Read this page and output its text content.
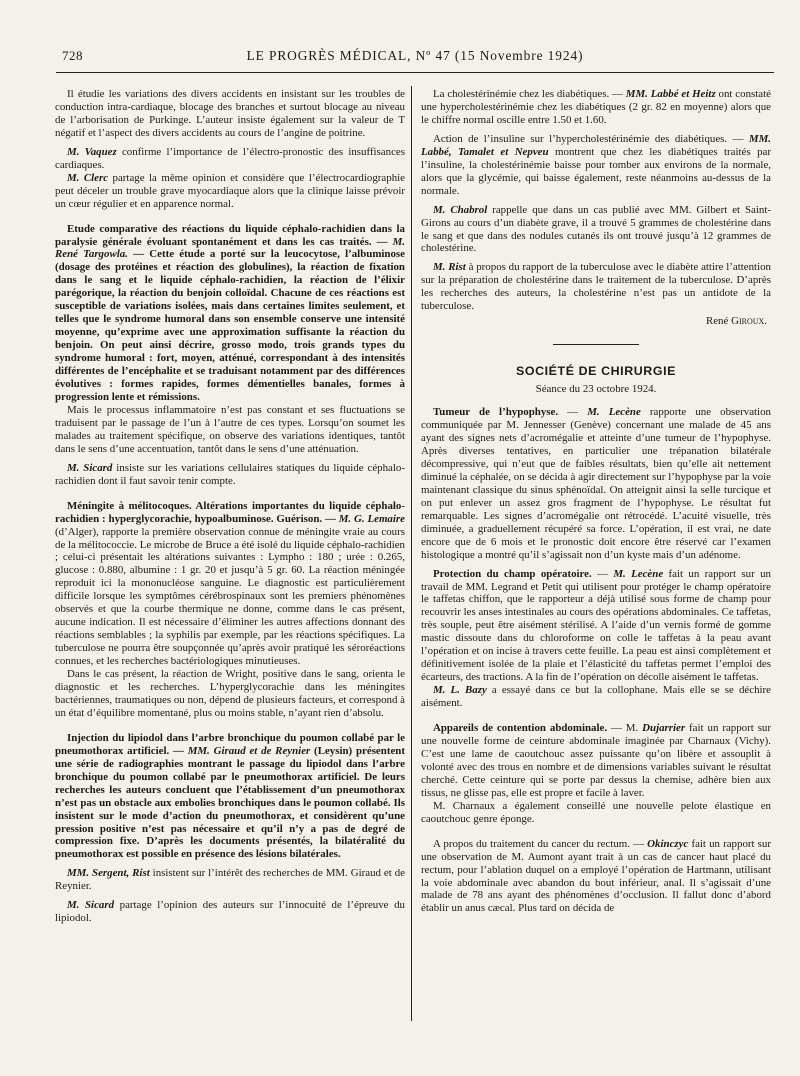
728	LE PROGRÈS MÉDICAL, Nº 47 (15 Novembre 1924)

Il étudie les variations des divers accidents en insistant sur les troubles de conduction intra-cardiaque, blocage des branches et surtout blocage au niveau de l’arborisation de Purkinge. L’auteur insiste également sur la valeur de T négatif et l’aspect des divers accidents au cours de l’angine de poitrine.

M. Vaquez confirme l’importance de l’électro-pronostic des insuffisances cardiaques.

M. Clerc partage la même opinion et considère que l’électrocardiographie peut déceler un trouble grave myocardiaque alors que la clinique laisse prévoir un cœur régulier et en apparence normal.

Etude comparative des réactions du liquide céphalo-rachidien dans la paralysie générale évoluant spontanément et dans les cas traités. — M. René Targowla. — Cette étude a porté sur la leucocytose, l’albuminose (dosage des protéines et réaction des globulines), la réaction de fixation dans le sang et le liquide céphalo-rachidien, la réaction de l’élixir parégorique, la réaction du benjoin colloïdal. Chacune de ces réactions est susceptible de variations isolées, mais dans certaines limites seulement, et telles que le syndrome humoral dans son ensemble conserve une intensité moyenne, qu’exprime avec une approximation suffisante la réaction du benjoin. On peut ainsi décrire, grosso modo, trois grands types du syndrome humoral : fort, moyen, atténué, correspondant à des intensités différentes de l’encéphalite et se traduisant notamment par des différences évolutives : formes rapides, formes démentielles banales, formes à progression lente et rémissions.

Mais le processus inflammatoire n’est pas constant et ses fluctuations se traduisent par le passage de l’un à l’autre de ces types. Lorsqu’on soumet les malades au traitement spécifique, on observe des variations identiques, tantôt dans le sens d’une accentuation, tantôt dans le sens d’une atténuation.

M. Sicard insiste sur les variations cellulaires statiques du liquide céphalo-rachidien dont il faut savoir tenir compte.

Méningite à mélitocoques. Altérations importantes du liquide céphalo-rachidien : hyperglycorachie, hypoalbuminose. Guérison. — M. G. Lemaire (d’Alger), rapporte la première observation connue de méningite vraie au cours de la mélitococcie. Le microbe de Bruce a été isolé du liquide céphalo-rachidien ; celui-ci présentait les altérations suivantes : Lympho : 180 ; urée : 0.265, glucose : 0.880, albumine : 1 gr. 20 et jusqu’à 5 gr. 60. La réaction méningée reproduit ici la mononucléose sanguine. Le diagnostic est particulièrement difficile lorsque les symptômes cérébrospinaux sont les premiers phénomènes observés et que la courbe thermique ne donne, comme dans le cas présent, aucune indication. Il est nécessaire d’éliminer les autres affections donnant des réactions semblables ; la syphilis par exemple, par les réactions spécifiques. La tuberculose ne pourra être soupçonnée qu’après avoir pratiqué les séroréactions connues, et les recherches bactériologiques minutieuses.

Dans le cas présent, la réaction de Wright, positive dans le sang, orienta le diagnostic et les recherches. L’hyperglycorachie dans les méningites bactériennes, traumatiques ou non, dépend de plusieurs facteurs, et correspond à un état d’équilibre momentané, plus ou moins stable, n’ayant rien d’absolu.

Injection du lipiodol dans l’arbre bronchique du poumon collabé par le pneumothorax artificiel. — MM. Giraud et de Reynier (Leysin) présentent une série de radiographies montrant le passage du lipiodol dans l’arbre bronchique du poumon collabé par le pneumothorax artificiel. De leurs recherches les auteurs concluent que l’établissement d’un pneumothorax n’est pas un obstacle aux embolies bronchiques dans le poumon collabé. Ils insistent sur le mode d’action du pneumothorax, et considèrent qu’une pression positive n’est pas nécessaire et qu’il n’y a pas de degré de compression fixe. D’après les documents présentés, la bilatéralité du pneumothorax est possible en présence des lésions bilatérales.

MM. Sergent, Rist insistent sur l’intérêt des recherches de MM. Giraud et de Reynier.

M. Sicard partage l’opinion des auteurs sur l’innocuité de l’épreuve du lipiodol.

La cholestérinémie chez les diabétiques. — MM. Labbé et Heitz ont constaté une hypercholestérinémie chez les diabétiques (2 gr. 82 en moyenne) alors que le chiffre normal oscille entre 1.50 et 1.60.

Action de l’insuline sur l’hypercholestérinémie des diabétiques. — MM. Labbé, Tamalet et Nepveu montrent que chez les diabétiques traités par l’insuline, la cholestérinémie baisse pour tomber aux environs de la normale, alors que la glycémie, qui baisse également, reste néanmoins au-dessus de la normale.

M. Chabrol rappelle que dans un cas publié avec MM. Gilbert et Saint-Girons au cours d’un diabète grave, il a trouvé 5 grammes de cholestérine dans le sang et que dans des nodules cutanés ils ont trouvé jusqu’à 12 grammes de cholestérine.

M. Rist à propos du rapport de la tuberculose avec le diabète attire l’attention sur la préparation de cholestérine dans le traitement de la tuberculose. D’après les recherches des auteurs, la cholestérine n’est pas un antidote de la tuberculose.

René Giroux.
SOCIÉTÉ DE CHIRURGIE
Séance du 23 octobre 1924.

Tumeur de l’hypophyse. — M. Lecène rapporte une observation communiquée par M. Jennesser (Genève) concernant une malade de 45 ans ayant des signes nets d’acromégalie et atteinte d’une tumeur de l’hypophyse. Après diverses tentatives, en particulier une trépanation bilatérale décompressive, qui n’eut que de faibles résultats, bien qu’elle ait nettement diminué la céphalée, on se décida à agir directement sur l’hypophyse par la voie maintenant classique du sinus sphénoïdal. On atteignit ainsi la selle turcique et on put enlever un assez gros fragment de l’hypophyse. Le résultat fut remarquable. Les signes d’acromégalie ont rétrocédé. L’acuité visuelle, très diminuée, a graduellement récupéré sa force. L’opération, il est vrai, ne date encore que de 6 mois et le pronostic doit encore être réservé car l’examen histologique a montré qu’il s’agissait non d’un kyste mais d’un adénome.

Protection du champ opératoire. — M. Lecène fait un rapport sur un travail de MM. Legrand et Petit qui utilisent pour protéger le champ opératoire le taffetas chiffon, que le rapporteur a déjà utilisé sous forme de champ pour recouvrir les anses intestinales au cours des opérations abdominales. Ce taffetas, très souple, peut être aisément stérilisé. A l’aide d’un vernis formé de gomme mastic dissoute dans du chloroforme on colle le taffetas à la peau avant l’opération et on incise à travers cette feuille. La peau est ainsi complètement et définitivement isolée de la plaie et l’élasticité du taffetas permet l’emploi des écarteurs, des tractions. A la fin de l’opération on décolle aisément le taffetas.

M. L. Bazy a essayé dans ce but la collophane. Mais elle se se déchire aisément.

Appareils de contention abdominale. — M. Dujarrier fait un rapport sur une nouvelle forme de ceinture abdominale imaginée par Charnaux (Vichy). C’est une lame de caoutchouc assez puissante qu’on libère et assouplit à volonté avec des trous en nombre et de dimensions variables suivant le résultat cherché. Cette ceinture qui se porte par dessus la chemise, adhère bien aux tissus, ne glisse pas, elle est propre et facile à laver.

M. Charnaux a également conseillé une nouvelle pelote élastique en caoutchouc genre éponge.

A propos du traitement du cancer du rectum. — Okinczyc fait un rapport sur une observation de M. Aumont ayant trait à un cas de cancer haut placé du rectum, pour l’ablation duquel on a employé l’opération de Hartmann, utilisant la voie abdominale avec abandon du bout inférieur, anal. Il s’agissait d’une malade de 78 ans ayant des phénomènes d’occlusion. Il fallut donc d’abord établir un anus cæcal. Plus tard on décida de
